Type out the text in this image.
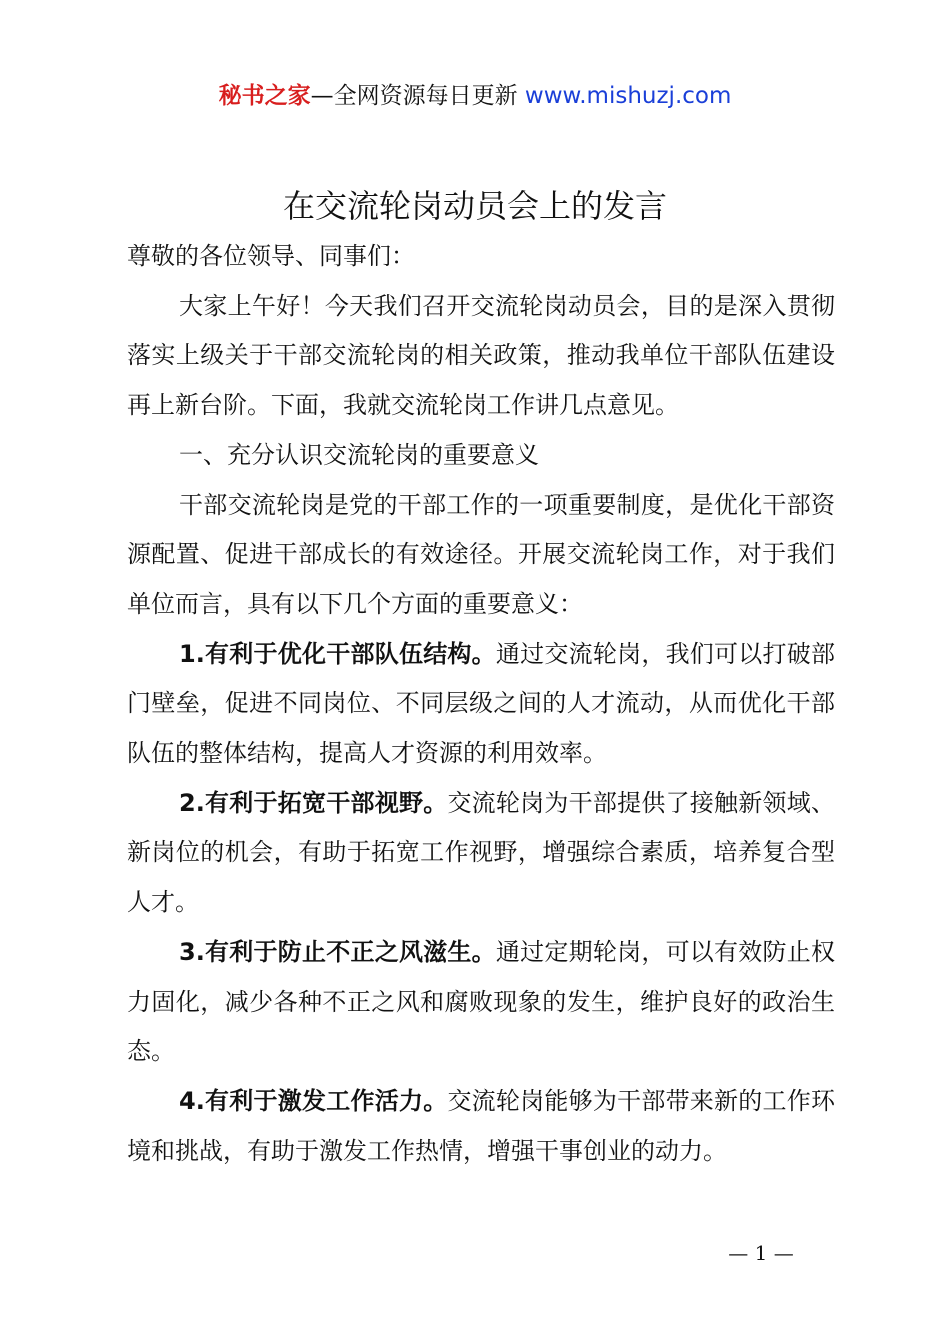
秘书之家—全网资源每日更新 www.mishuzj.com
在交流轮岗动员会上的发言

尊敬的各位领导、同事们：

大家上午好！今天我们召开交流轮岗动员会，目的是深入贯彻落实上级关于干部交流轮岗的相关政策，推动我单位干部队伍建设再上新台阶。下面，我就交流轮岗工作讲几点意见。

一、充分认识交流轮岗的重要意义

干部交流轮岗是党的干部工作的一项重要制度，是优化干部资源配置、促进干部成长的有效途径。开展交流轮岗工作，对于我们单位而言，具有以下几个方面的重要意义：

1.有利于优化干部队伍结构。通过交流轮岗，我们可以打破部门壁垒，促进不同岗位、不同层级之间的人才流动，从而优化干部队伍的整体结构，提高人才资源的利用效率。

2.有利于拓宽干部视野。交流轮岗为干部提供了接触新领域、新岗位的机会，有助于拓宽工作视野，增强综合素质，培养复合型人才。

3.有利于防止不正之风滋生。通过定期轮岗，可以有效防止权力固化，减少各种不正之风和腐败现象的发生，维护良好的政治生态。

4.有利于激发工作活力。交流轮岗能够为干部带来新的工作环境和挑战，有助于激发工作热情，增强干事创业的动力。

— 1 —
